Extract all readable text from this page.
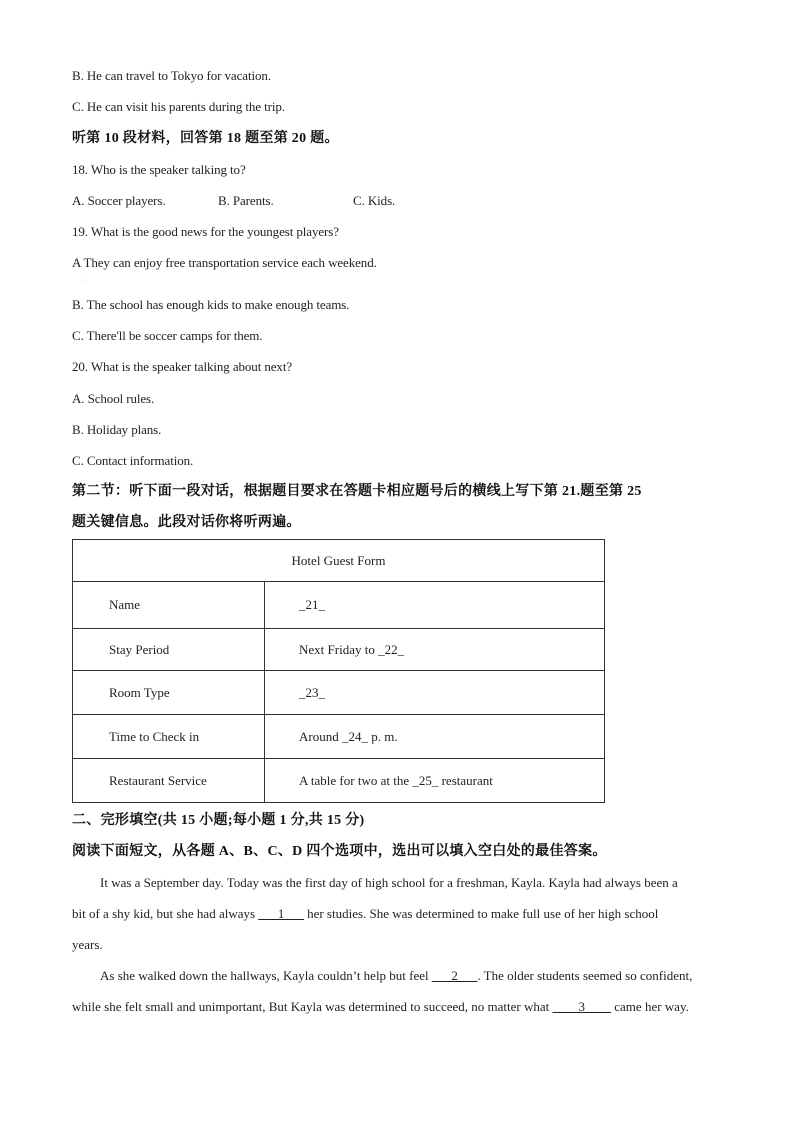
B. He can travel to Tokyo for vacation.
C. He can visit his parents during the trip.
听第 10 段材料，回答第 18 题至第 20 题。
18. Who is the speaker talking to?
A. Soccer players.	B. Parents.	C. Kids.
19. What is the good news for the youngest players?
A They can enjoy free transportation service each weekend.
·
B. The school has enough kids to make enough teams.
C. There'll be soccer camps for them.
20. What is the speaker talking about next?
A. School rules.
B. Holiday plans.
C. Contact information.
第二节：听下面一段对话，根据题目要求在答题卡相应题号后的横线上写下第 21.题至第 25
题关键信息。此段对话你将听两遍。
Hotel Guest Form	
Name	_21_
Stay Period	Next Friday to _22_
Room Type	_23_
Time to Check in	Around _24_ p. m.
Restaurant Service	A table for two at the _25_ restaurant
二、完形填空(共 15 小题;每小题 1 分,共 15 分)
阅读下面短文，从各题 A、B、C、D 四个选项中，选出可以填入空白处的最佳答案。
It was a September day. Today was the first day of high school for a freshman, Kayla. Kayla had always been a
bit of a shy kid, but she had always ___1___ her studies. She was determined to make full use of her high school
years.
As she walked down the hallways, Kayla couldn’t help but feel ___2___. The older students seemed so confident,
while she felt small and unimportant, But Kayla was determined to succeed, no matter what ____3____ came her way.
